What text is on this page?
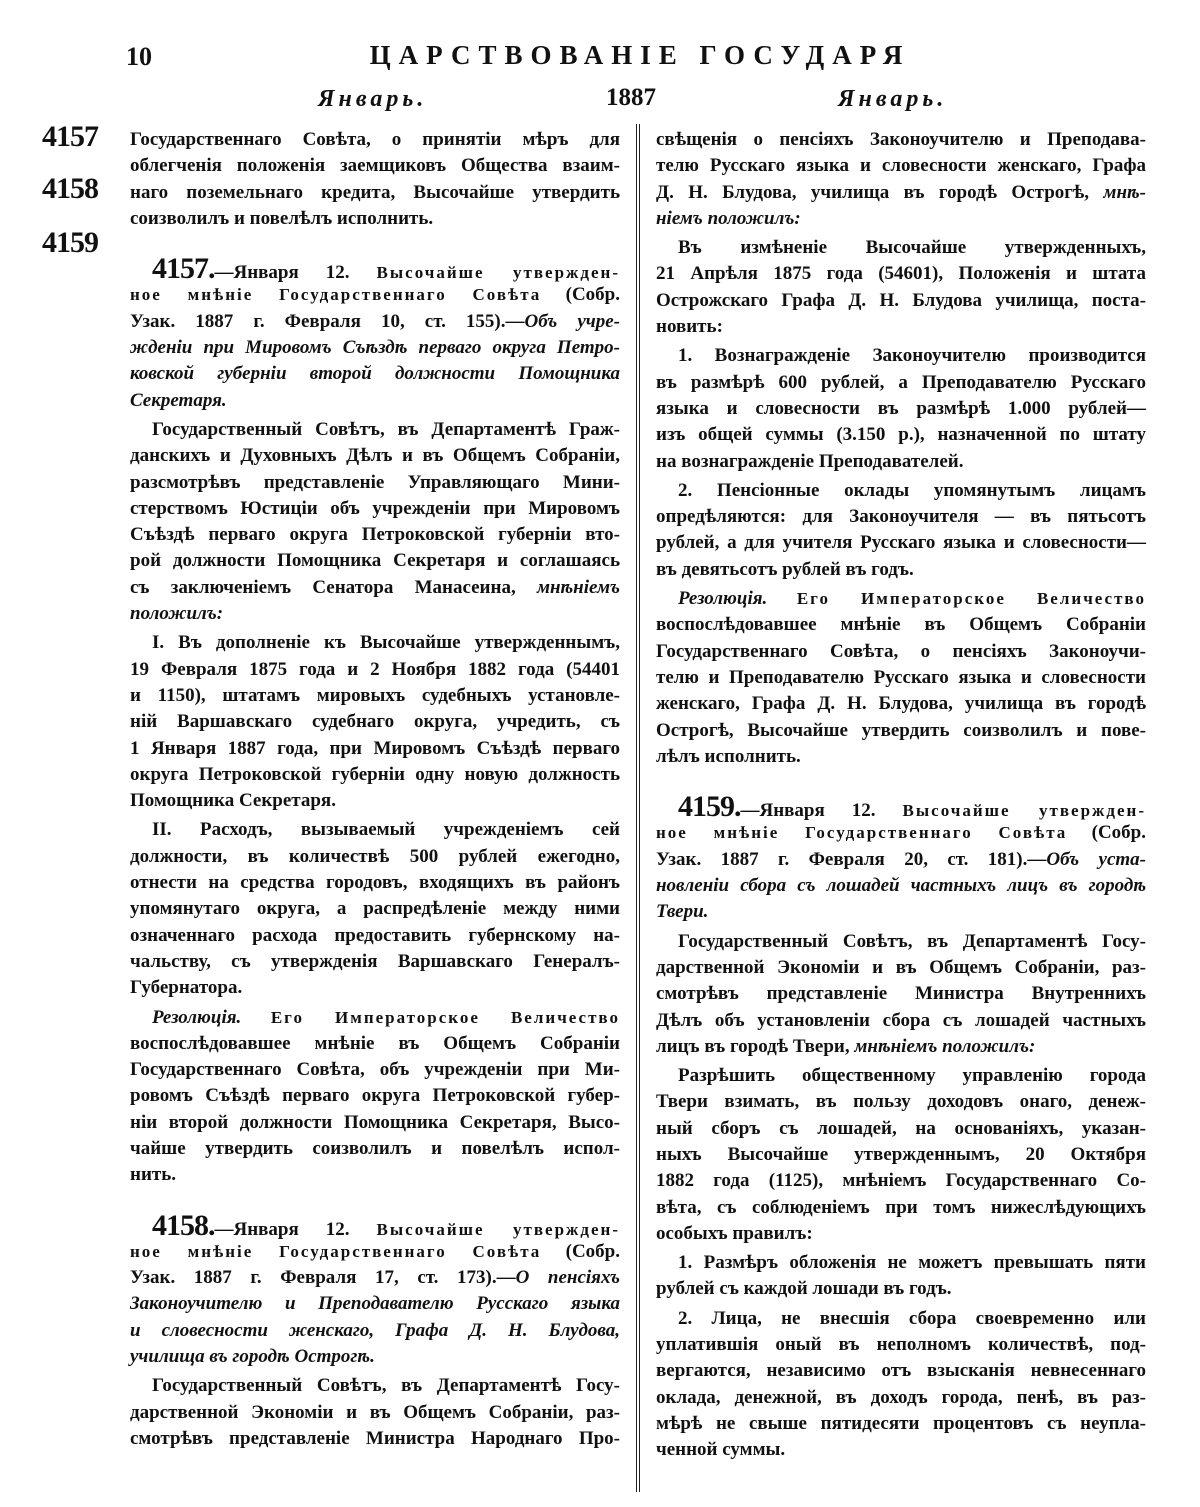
10	ЦАРСТВОВАНІЕ ГОСУДАРЯ
Январь.	1887	Январь.
4157
4158
4159
Государственнаго Совѣта, о принятіи мѣръ для
облегченія положенія заемщиковъ Общества взаим-
наго поземельнаго кредита, Высочайше утвердить
соизволилъ и повелѣлъ исполнить.
4157.—Января 12. Высочайше утвержден-
ное мнѣніе Государственнаго Совѣта (Собр.
Узак. 1887 г. Февраля 10, ст. 155).—Объ учре-
жденіи при Мировомъ Съѣздѣ перваго округа Петро-
ковской губерніи второй должности Помощника
Секретаря.
Государственный Совѣтъ, въ Департаментѣ Граж-
данскихъ и Духовныхъ Дѣлъ и въ Общемъ Собраніи,
разсмотрѣвъ представленіе Управляющаго Мини-
стерствомъ Юстиціи объ учрежденіи при Мировомъ
Съѣздѣ перваго округа Петроковской губерніи вто-
рой должности Помощника Секретаря и соглашаясь
съ заключеніемъ Сенатора Манасеина, мнѣніемъ
положилъ:
I. Въ дополненіе къ Высочайше утвержденнымъ,
19 Февраля 1875 года и 2 Ноября 1882 года (54401
и 1150), штатамъ мировыхъ судебныхъ установле-
ній Варшавскаго судебнаго округа, учредить, съ
1 Января 1887 года, при Мировомъ Съѣздѣ перваго
округа Петроковской губерніи одну новую должность
Помощника Секретаря.
II. Расходъ, вызываемый учрежденіемъ сей
должности, въ количествѣ 500 рублей ежегодно,
отнести на средства городовъ, входящихъ въ районъ
упомянутаго округа, а распредѣленіе между ними
означеннаго расхода предоставить губернскому на-
чальству, съ утвержденія Варшавскаго Генералъ-
Губернатора.
Резолюція. Его Императорское Величество
воспослѣдовавшее мнѣніе въ Общемъ Собраніи
Государственнаго Совѣта, объ учрежденіи при Ми-
ровомъ Съѣздѣ перваго округа Петроковской губер-
ніи второй должности Помощника Секретаря, Высо-
чайше утвердить соизволилъ и повелѣлъ испол-
нить.
4158.—Января 12. Высочайше утвержден-
ное мнѣніе Государственнаго Совѣта (Собр.
Узак. 1887 г. Февраля 17, ст. 173).—О пенсіяхъ
Законоучителю и Преподавателю Русскаго языка
и словесности женскаго, Графа Д. Н. Блудова,
училища въ городѣ Острогѣ.
Государственный Совѣтъ, въ Департаментѣ Госу-
дарственной Экономіи и въ Общемъ Собраніи, раз-
смотрѣвъ представленіе Министра Народнаго Про-
свѣщенія о пенсіяхъ Законоучителю и Преподава-
телю Русскаго языка и словесности женскаго, Графа
Д. Н. Блудова, училища въ городѣ Острогѣ, мнѣ-
ніемъ положилъ:
Въ измѣненіе Высочайше утвержденныхъ,
21 Апрѣля 1875 года (54601), Положенія и штата
Острожскаго Графа Д. Н. Блудова училища, поста-
новить:
1. Вознагражденіе Законоучителю производится
въ размѣрѣ 600 рублей, а Преподавателю Русскаго
языка и словесности въ размѣрѣ 1.000 рублей—
изъ общей суммы (3.150 р.), назначенной по штату
на вознагражденіе Преподавателей.
2. Пенсіонные оклады упомянутымъ лицамъ
опредѣляются: для Законоучителя — въ пятьсотъ
рублей, а для учителя Русскаго языка и словесности—
въ девятьсотъ рублей въ годъ.
Резолюція. Его Императорское Величество
воспослѣдовавшее мнѣніе въ Общемъ Собраніи
Государственнаго Совѣта, о пенсіяхъ Законоучи-
телю и Преподавателю Русскаго языка и словесности
женскаго, Графа Д. Н. Блудова, училища въ городѣ
Острогѣ, Высочайше утвердить соизволилъ и пове-
лѣлъ исполнить.
4159.—Января 12. Высочайше утвержден-
ное мнѣніе Государственнаго Совѣта (Собр.
Узак. 1887 г. Февраля 20, ст. 181).—Объ уста-
новленіи сбора съ лошадей частныхъ лицъ въ городѣ
Твери.
Государственный Совѣтъ, въ Департаментѣ Госу-
дарственной Экономіи и въ Общемъ Собраніи, раз-
смотрѣвъ представленіе Министра Внутреннихъ
Дѣлъ объ установленіи сбора съ лошадей частныхъ
лицъ въ городѣ Твери, мнѣніемъ положилъ:
Разрѣшить общественному управленію города
Твери взимать, въ пользу доходовъ онаго, денеж-
ный сборъ съ лошадей, на основаніяхъ, указан-
ныхъ Высочайше утвержденнымъ, 20 Октября
1882 года (1125), мнѣніемъ Государственнаго Со-
вѣта, съ соблюденіемъ при томъ нижеслѣдующихъ
особыхъ правилъ:
1. Размѣръ обложенія не можетъ превышать пяти
рублей съ каждой лошади въ годъ.
2. Лица, не внесшія сбора своевременно или
уплатившія оный въ неполномъ количествѣ, под-
вергаются, независимо отъ взысканія невнесеннаго
оклада, денежной, въ доходъ города, пенѣ, въ раз-
мѣрѣ не свыше пятидесяти процентовъ съ неупла-
ченной суммы.
